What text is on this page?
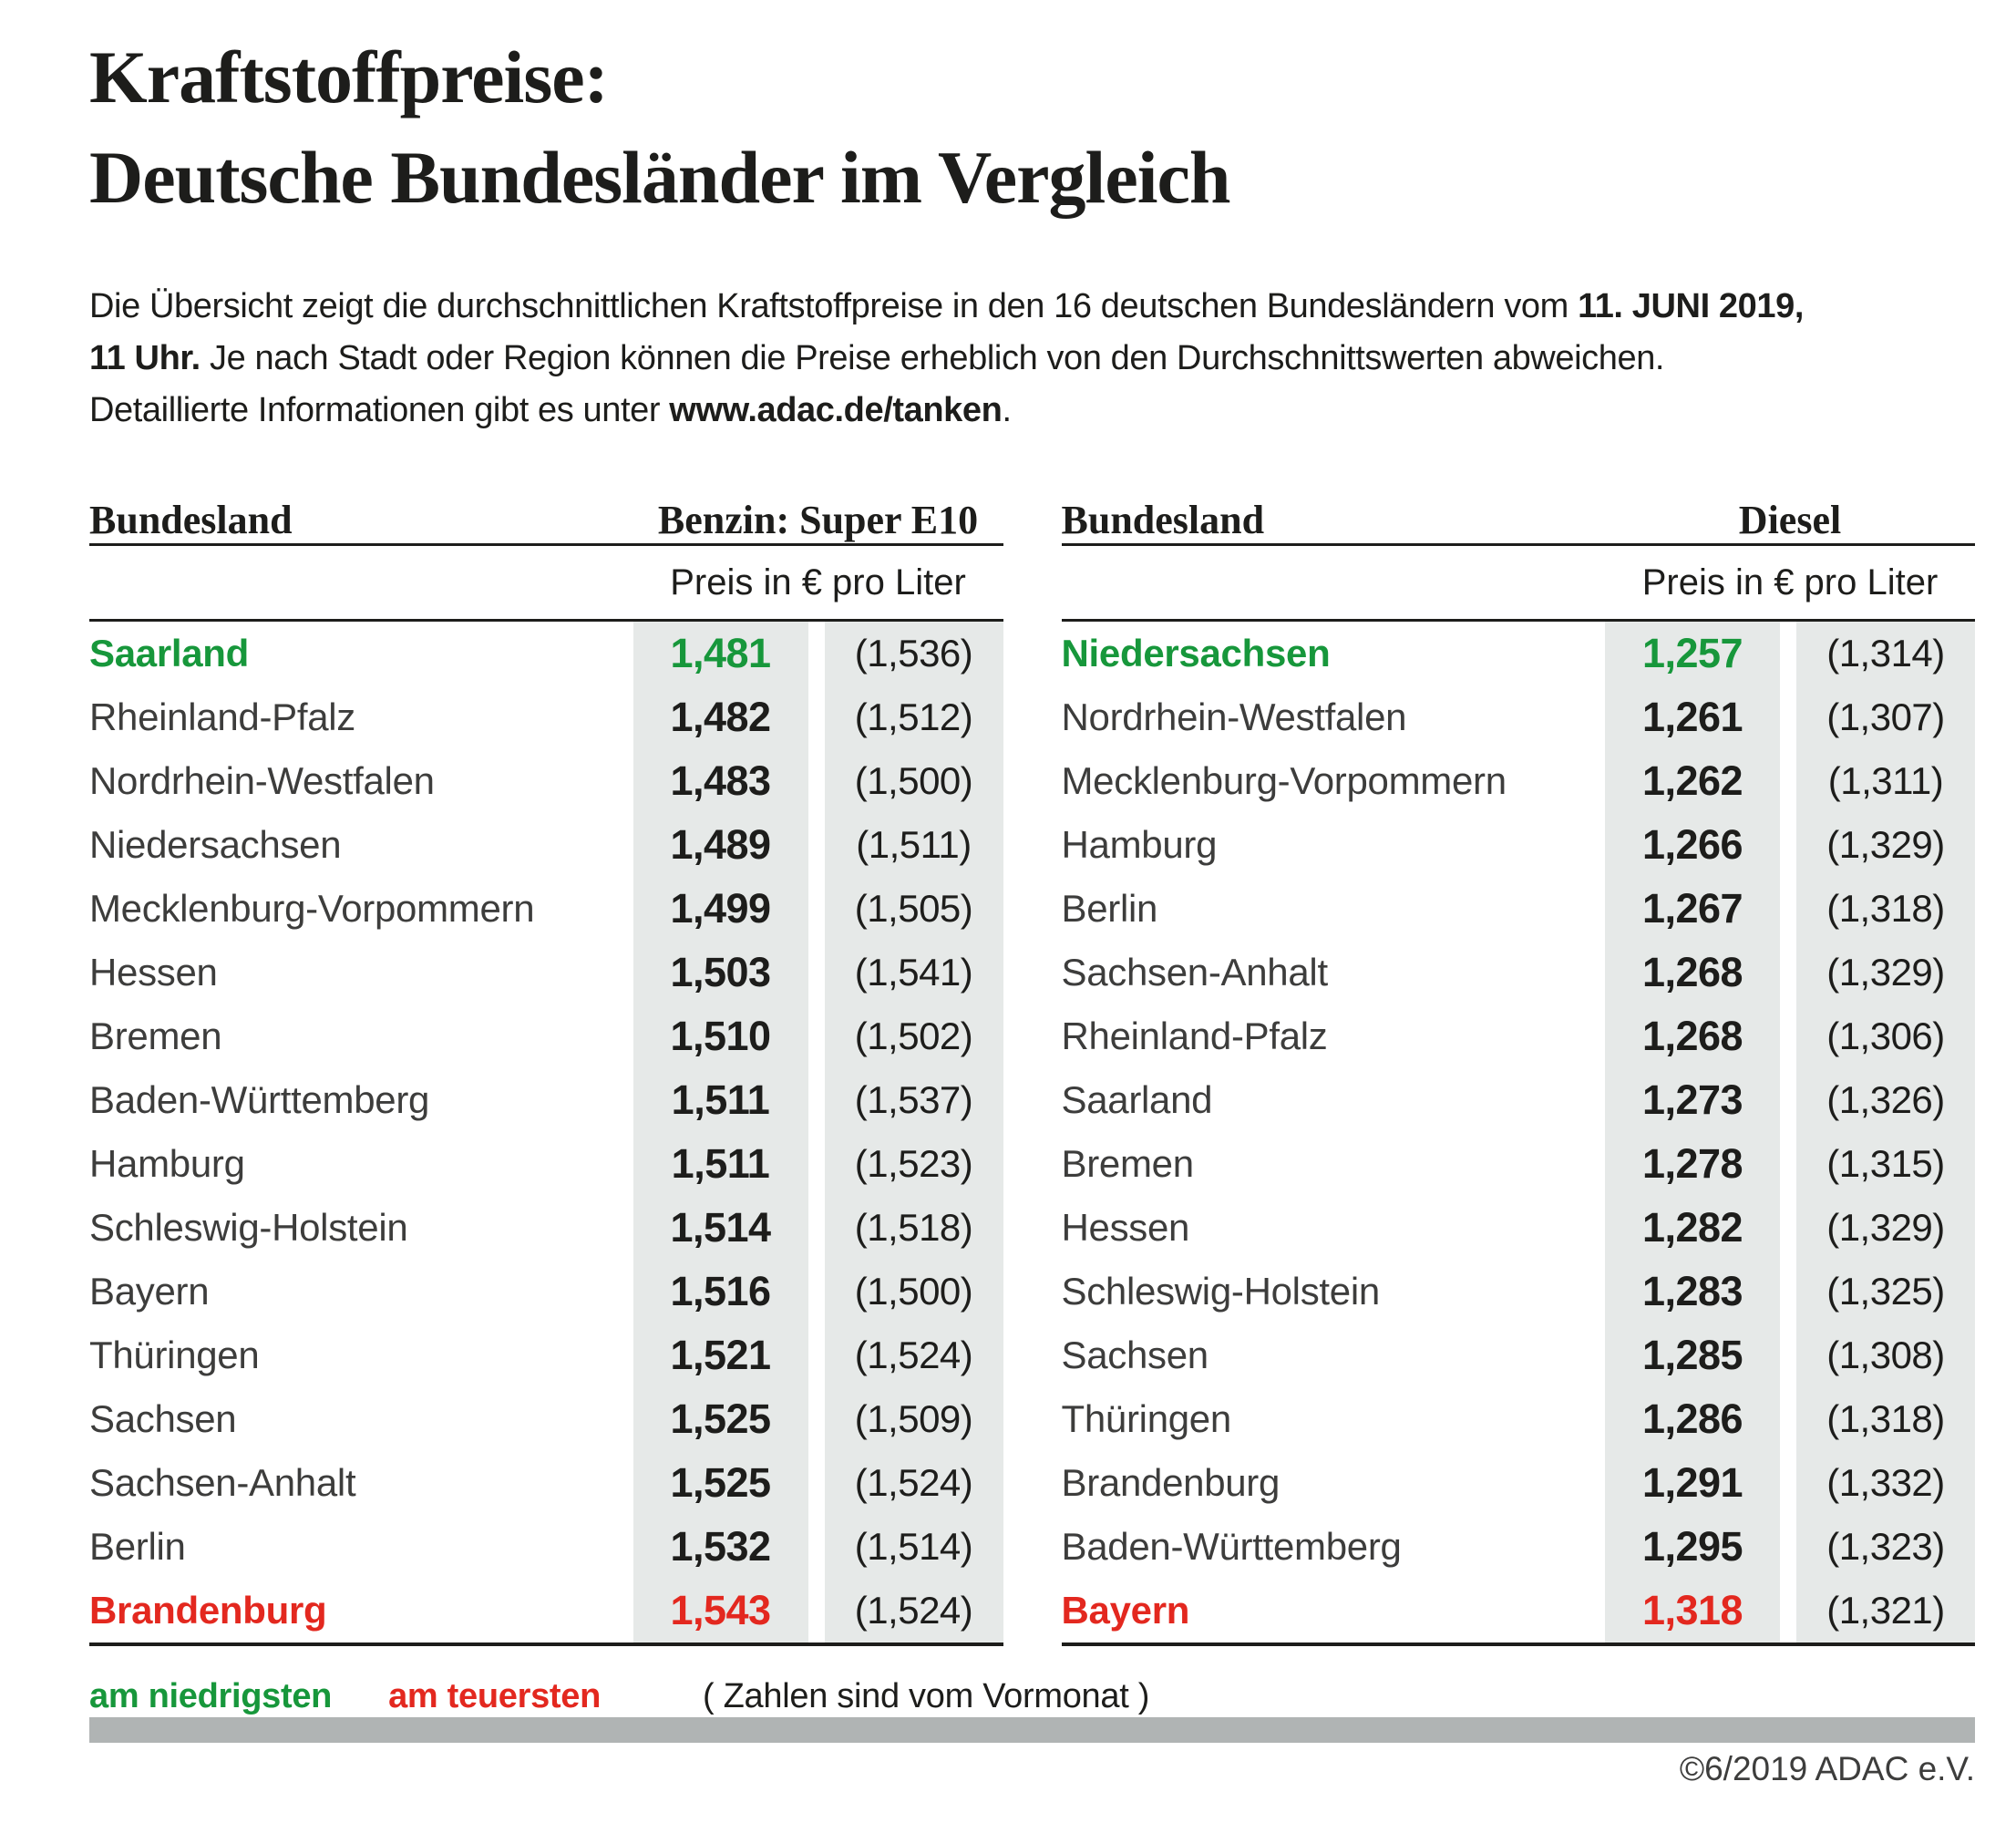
Kraftstoffpreise:
Deutsche Bundesländer im Vergleich
Die Übersicht zeigt die durchschnittlichen Kraftstoffpreise in den 16 deutschen Bundesländern vom 11. JUNI 2019,
11 Uhr. Je nach Stadt oder Region können die Preise erheblich von den Durchschnittswerten abweichen.
Detaillierte Informationen gibt es unter www.adac.de/tanken.
Bundesland	Benzin: Super E10
Preis in € pro Liter
Saarland	1,481	(1,536)
Rheinland-Pfalz	1,482	(1,512)
Nordrhein-Westfalen	1,483	(1,500)
Niedersachsen	1,489	(1,511)
Mecklenburg-Vorpommern	1,499	(1,505)
Hessen	1,503	(1,541)
Bremen	1,510	(1,502)
Baden-Württemberg	1,511	(1,537)
Hamburg	1,511	(1,523)
Schleswig-Holstein	1,514	(1,518)
Bayern	1,516	(1,500)
Thüringen	1,521	(1,524)
Sachsen	1,525	(1,509)
Sachsen-Anhalt	1,525	(1,524)
Berlin	1,532	(1,514)
Brandenburg	1,543	(1,524)
Bundesland	Diesel
Preis in € pro Liter
Niedersachsen	1,257	(1,314)
Nordrhein-Westfalen	1,261	(1,307)
Mecklenburg-Vorpommern	1,262	(1,311)
Hamburg	1,266	(1,329)
Berlin	1,267	(1,318)
Sachsen-Anhalt	1,268	(1,329)
Rheinland-Pfalz	1,268	(1,306)
Saarland	1,273	(1,326)
Bremen	1,278	(1,315)
Hessen	1,282	(1,329)
Schleswig-Holstein	1,283	(1,325)
Sachsen	1,285	(1,308)
Thüringen	1,286	(1,318)
Brandenburg	1,291	(1,332)
Baden-Württemberg	1,295	(1,323)
Bayern	1,318	(1,321)
am niedrigsten am teuersten	( Zahlen sind vom Vormonat )
©6/2019 ADAC e.V.
